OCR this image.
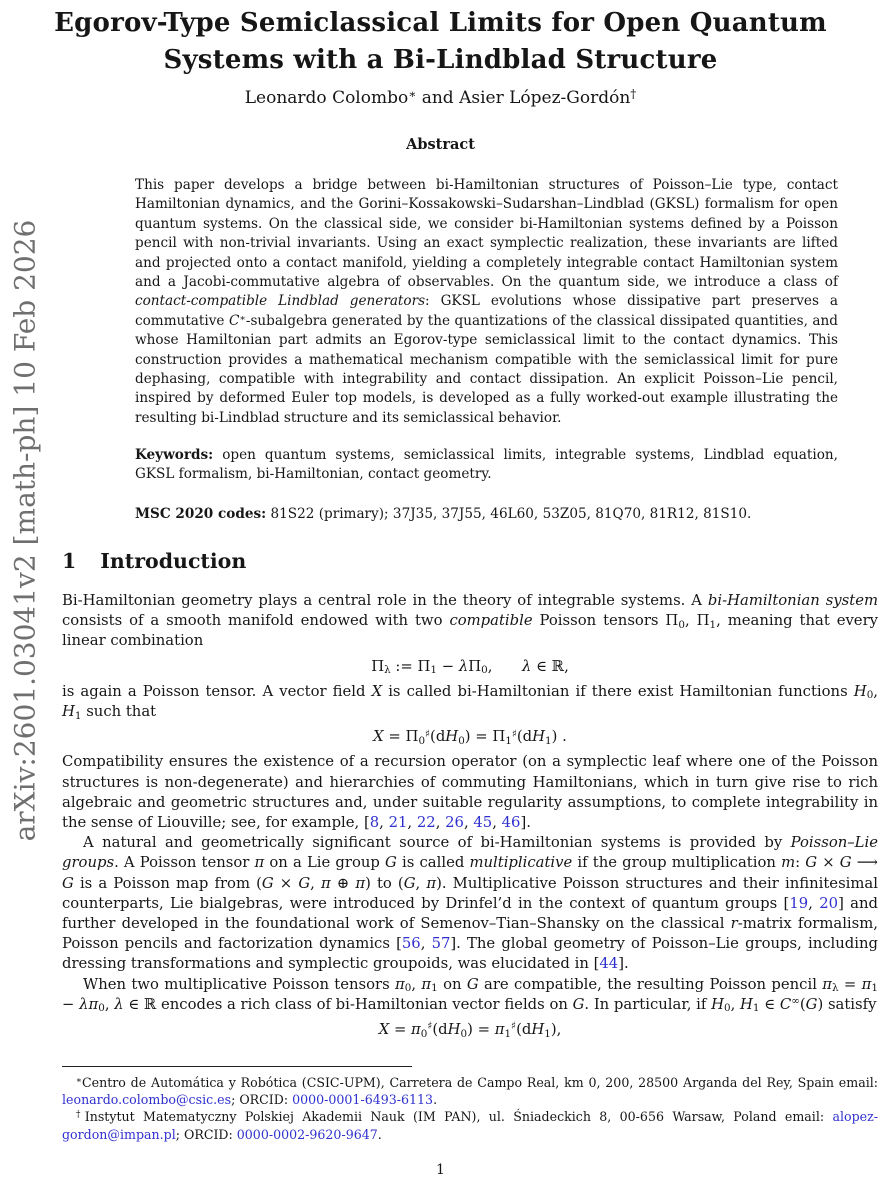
arXiv:2601.03041v2 [math-ph] 10 Feb 2026
Egorov-Type Semiclassical Limits for Open Quantum
Systems with a Bi-Lindblad Structure
Leonardo Colombo∗ and Asier López-Gordón†
Abstract
This paper develops a bridge between bi-Hamiltonian structures of Poisson–Lie type, contact Hamiltonian dynamics, and the Gorini–Kossakowski–Sudarshan–Lindblad (GKSL) formalism for open quantum systems. On the classical side, we consider bi-Hamiltonian systems defined by a Poisson pencil with non-trivial invariants. Using an exact symplectic realization, these invariants are lifted and projected onto a contact manifold, yielding a completely integrable contact Hamiltonian system and a Jacobi-commutative algebra of observables. On the quantum side, we introduce a class of contact-compatible Lindblad generators: GKSL evolutions whose dissipative part preserves a commutative C∗-subalgebra generated by the quantizations of the classical dissipated quantities, and whose Hamiltonian part admits an Egorov-type semiclassical limit to the contact dynamics. This construction provides a mathematical mechanism compatible with the semiclassical limit for pure dephasing, compatible with integrability and contact dissipation. An explicit Poisson–Lie pencil, inspired by deformed Euler top models, is developed as a fully worked-out example illustrating the resulting bi-Lindblad structure and its semiclassical behavior.
Keywords: open quantum systems, semiclassical limits, integrable systems, Lindblad equation, GKSL formalism, bi-Hamiltonian, contact geometry.
MSC 2020 codes: 81S22 (primary); 37J35, 37J55, 46L60, 53Z05, 81Q70, 81R12, 81S10.
1 Introduction

Bi-Hamiltonian geometry plays a central role in the theory of integrable systems. A bi-Hamiltonian system consists of a smooth manifold endowed with two compatible Poisson tensors Π0, Π1, meaning that every linear combination

Πλ := Π1 − λΠ0,  λ ∈ ℝ,

is again a Poisson tensor. A vector field X is called bi-Hamiltonian if there exist Hamiltonian functions H0, H1 such that

X = Π0♯(dH0) = Π1♯(dH1) .

Compatibility ensures the existence of a recursion operator (on a symplectic leaf where one of the Poisson structures is non-degenerate) and hierarchies of commuting Hamiltonians, which in turn give rise to rich algebraic and geometric structures and, under suitable regularity assumptions, to complete integrability in the sense of Liouville; see, for example, [8, 21, 22, 26, 45, 46].

A natural and geometrically significant source of bi-Hamiltonian systems is provided by Poisson–Lie groups. A Poisson tensor π on a Lie group G is called multiplicative if the group multiplication m: G × G ⟶ G is a Poisson map from (G × G, π ⊕ π) to (G, π). Multiplicative Poisson structures and their infinitesimal counterparts, Lie bialgebras, were introduced by Drinfel’d in the context of quantum groups [19, 20] and further developed in the foundational work of Semenov–Tian–Shansky on the classical r-matrix formalism, Poisson pencils and factorization dynamics [56, 57]. The global geometry of Poisson–Lie groups, including dressing transformations and symplectic groupoids, was elucidated in [44].

When two multiplicative Poisson tensors π0, π1 on G are compatible, the resulting Poisson pencil πλ = π1 − λπ0, λ ∈ ℝ encodes a rich class of bi-Hamiltonian vector fields on G. In particular, if H0, H1 ∈ C∞(G) satisfy

X = π0♯(dH0) = π1♯(dH1),

∗Centro de Automática y Robótica (CSIC-UPM), Carretera de Campo Real, km 0, 200, 28500 Arganda del Rey, Spain email: leonardo.colombo@csic.es; ORCID: 0000-0001-6493-6113.

†Instytut Matematyczny Polskiej Akademii Nauk (IM PAN), ul. Śniadeckich 8, 00-656 Warsaw, Poland email: alopez-gordon@impan.pl; ORCID: 0000-0002-9620-9647.

1
